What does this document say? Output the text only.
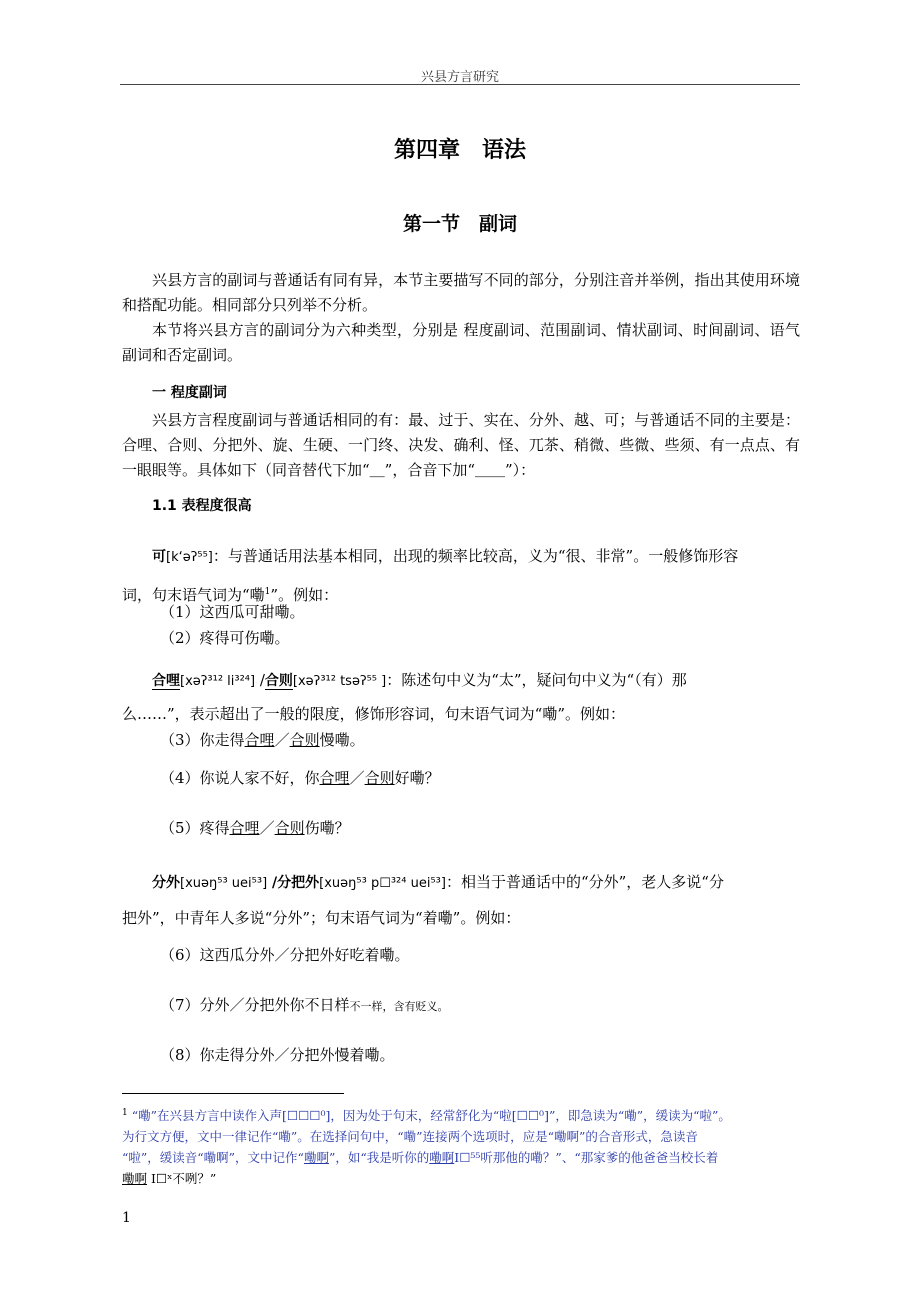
兴县方言研究
第四章　语法
第一节　副词

兴县方言的副词与普通话有同有异，本节主要描写不同的部分，分别注音并举例，指出其使用环境和搭配功能。相同部分只列举不分析。

本节将兴县方言的副词分为六种类型，分别是 程度副词、范围副词、情状副词、时间副词、语气副词和否定副词。

一 程度副词

兴县方言程度副词与普通话相同的有：最、过于、实在、分外、越、可；与普通话不同的主要是：合哩、合则、分把外、旋、生硬、一门终、决发、确利、怪、兀茶、稍微、些微、些须、有一点点、有一眼眼等。具体如下（同音替代下加“＿”，合音下加“＿＿”）：

1.1 表程度很高

可[k‘əʔ⁵⁵]：与普通话用法基本相同，出现的频率比较高，义为“很、非常”。一般修饰形容

词，句末语气词为“嘞$^1$”。例如：

（1）这西瓜可甜嘞。
（2）疼得可伤嘞。

合哩[xəʔ³¹² li³²⁴] /合则[xəʔ³¹² tsəʔ⁵⁵ ]：陈述句中义为“太”，疑问句中义为“（有）那

么……”，表示超出了一般的限度，修饰形容词，句末语气词为“嘞”。例如：

（3）你走得合哩／合则慢嘞。
（4）你说人家不好，你合哩／合则好嘞？
（5）疼得合哩／合则伤嘞？

分外[xuəŋ⁵³ uei⁵³] /分把外[xuəŋ⁵³ p☐³²⁴ uei⁵³]：相当于普通话中的“分外”，老人多说“分

把外”，中青年人多说“分外”；句末语气词为“着嘞”。例如：

（6）这西瓜分外／分把外好吃着嘞。
（7）分外／分把外你不日样不一样，含有贬义。
（8）你走得分外／分把外慢着嘞。
$^1$ “嘞”在兴县方言中读作入声[☐☐☐⁰]，因为处于句末，经常舒化为“啦[☐☐⁰]”，即急读为“嘞”，缓读为“啦”。
为行文方便，文中一律记作“嘞”。在选择问句中，“嘞”连接两个选项时，应是“嘞啊”的合音形式，急读音
“啦”，缓读音“嘞啊”，文中记作“嘞啊”，如“我是听你的嘞啊I☐⁵⁵听那他的嘞？”、“那家爹的他爸爸当校长着
嘞啊 I☐ˣ不咧？”
1
